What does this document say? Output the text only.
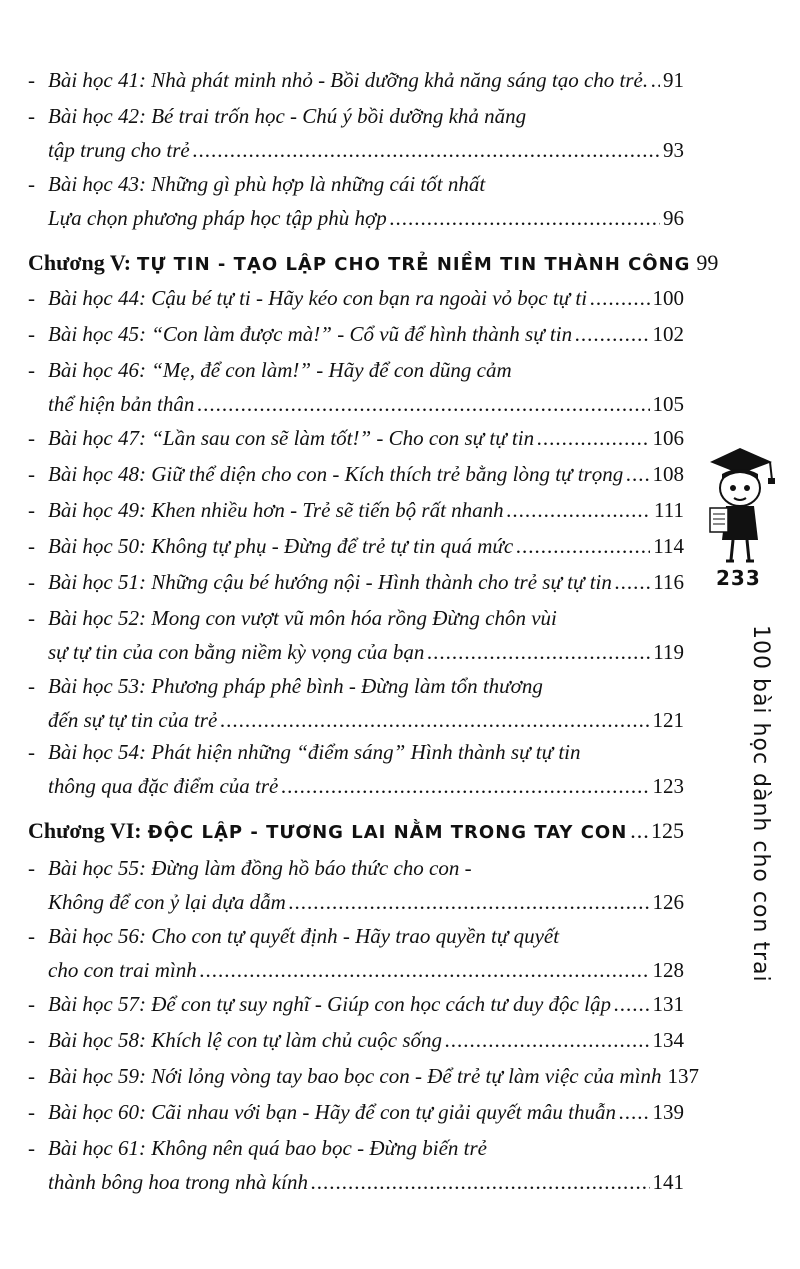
- Bài học 41: Nhà phát minh nhỏ - Bồi dưỡng khả năng sáng tạo cho trẻ. ..... 91
- Bài học 42: Bé trai trốn học - Chú ý bồi dưỡng khả năng
tập trung cho trẻ .....	93
- Bài học 43: Những gì phù hợp là những cái tốt nhất
Lựa chọn phương pháp học tập phù hợp .....	96
Chương V: TỰ TIN - TẠO LẬP CHO TRẺ NIỀM TIN THÀNH CÔNG 99
- Bài học 44: Cậu bé tự ti - Hãy kéo con bạn ra ngoài vỏ bọc tự ti .....	100
- Bài học 45: “Con làm được mà!” - Cổ vũ để hình thành sự tin .....	102
- Bài học 46: “Mẹ, để con làm!” - Hãy để con dũng cảm
thể hiện bản thân .....	105
- Bài học 47: “Lần sau con sẽ làm tốt!” - Cho con sự tự tin .....	106
- Bài học 48: Giữ thể diện cho con - Kích thích trẻ bằng lòng tự trọng ..... 108
- Bài học 49: Khen nhiều hơn - Trẻ sẽ tiến bộ rất nhanh .....	111
- Bài học 50: Không tự phụ - Đừng để trẻ tự tin quá mức .....	114
- Bài học 51: Những cậu bé hướng nội - Hình thành cho trẻ sự tự tin ..... 116
- Bài học 52: Mong con vượt vũ môn hóa rồng Đừng chôn vùi
sự tự tin của con bằng niềm kỳ vọng của bạn .....	119
- Bài học 53: Phương pháp phê bình - Đừng làm tổn thương
đến sự tự tin của trẻ .....	121
- Bài học 54: Phát hiện những “điểm sáng” Hình thành sự tự tin
thông qua đặc điểm của trẻ .....	123
Chương VI: ĐỘC LẬP - TƯƠNG LAI NẰM TRONG TAY CON ..... 125
- Bài học 55: Đừng làm đồng hồ báo thức cho con -
Không để con ỷ lại dựa dẫm .....	126
- Bài học 56: Cho con tự quyết định - Hãy trao quyền tự quyết
cho con trai mình .....	128
- Bài học 57: Để con tự suy nghĩ - Giúp con học cách tư duy độc lập ..... 131
- Bài học 58: Khích lệ con tự làm chủ cuộc sống .....	134
- Bài học 59: Nới lỏng vòng tay bao bọc con - Để trẻ tự làm việc của mình 137
- Bài học 60: Cãi nhau với bạn - Hãy để con tự giải quyết mâu thuẫn ..... 139
- Bài học 61: Không nên quá bao bọc - Đừng biến trẻ
thành bông hoa trong nhà kính .....	141
233
100 bài học dành cho con trai
